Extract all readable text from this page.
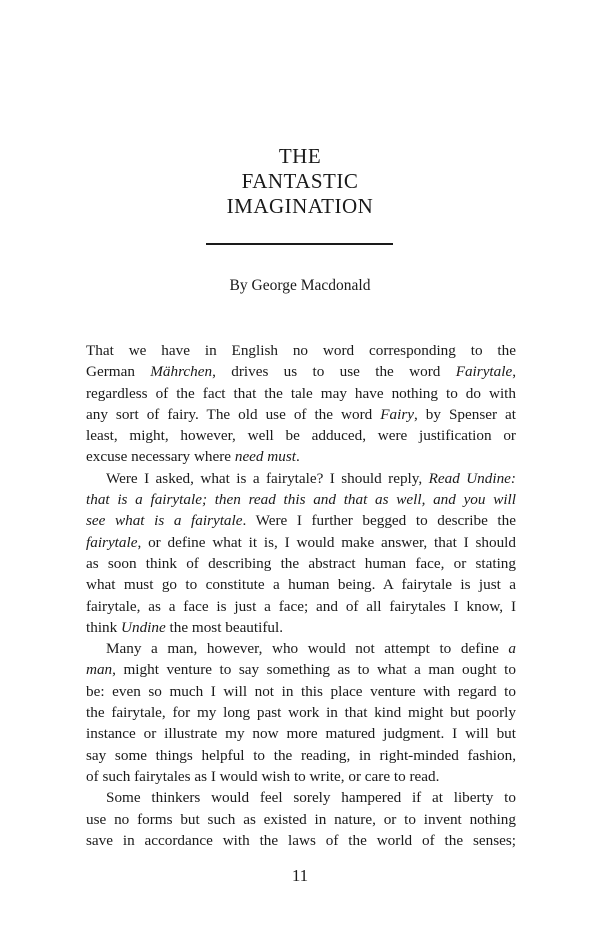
THE
FANTASTIC
IMAGINATION
By George Macdonald

That we have in English no word corresponding to the
German Mährchen, drives us to use the word Fairytale,
regardless of the fact that the tale may have nothing to do with
any sort of fairy. The old use of the word Fairy, by Spenser at
least, might, however, well be adduced, were justification or
excuse necessary where need must.

Were I asked, what is a fairytale? I should reply, Read Undine:
that is a fairytale; then read this and that as well, and you will
see what is a fairytale. Were I further begged to describe the
fairytale, or define what it is, I would make answer, that I should
as soon think of describing the abstract human face, or stating
what must go to constitute a human being. A fairytale is just a
fairytale, as a face is just a face; and of all fairytales I know, I
think Undine the most beautiful.

Many a man, however, who would not attempt to define a
man, might venture to say something as to what a man ought to
be: even so much I will not in this place venture with regard to
the fairytale, for my long past work in that kind might but poorly
instance or illustrate my now more matured judgment. I will but
say some things helpful to the reading, in right-minded fashion,
of such fairytales as I would wish to write, or care to read.

Some thinkers would feel sorely hampered if at liberty to
use no forms but such as existed in nature, or to invent nothing
save in accordance with the laws of the world of the senses;

11
